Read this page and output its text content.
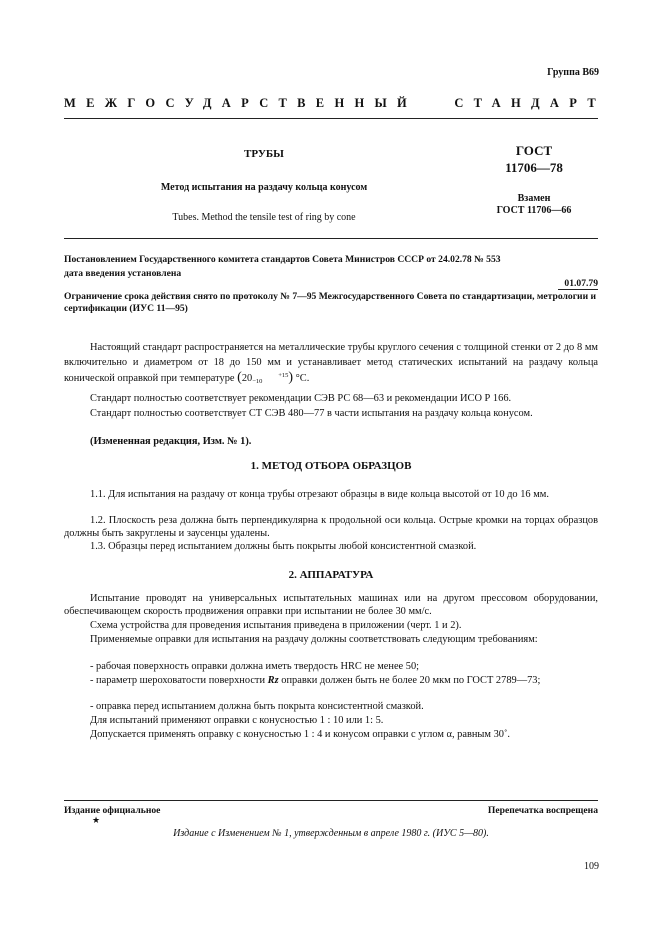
Группа В69
МЕЖГОСУДАРСТВЕННЫЙ	СТАНДАРТ
ТРУБЫ
Метод испытания на раздачу кольца конусом
Tubes. Method the tensile test of ring by cone
ГОСТ
11706—78
Взамен
ГОСТ 11706—66
Постановлением Государственного комитета стандартов Совета Министров СССР от 24.02.78 № 553
дата введения установлена
01.07.79
Ограничение срока действия снято по протоколу № 7—95 Межгосударственного Совета по стандартизации, метрологии и сертификации (ИУС 11—95)
Настоящий стандарт распространяется на металлические трубы круглого сечения с толщиной стенки от 2 до 8 мм включительно и диаметром от 18 до 150 мм и устанавливает метод статических испытаний на раздачу кольца конической оправкой при температуре (20	+15
−10 ) °С.
Стандарт полностью соответствует рекомендации СЭВ РС 68—63 и рекомендации ИСО Р 166.
Стандарт полностью соответствует СТ СЭВ 480—77 в части испытания на раздачу кольца конусом.
(Измененная редакция, Изм. № 1).
1. МЕТОД ОТБОРА ОБРАЗЦОВ
1.1. Для испытания на раздачу от конца трубы отрезают образцы в виде кольца высотой от 10 до 16 мм.
1.2. Плоскость реза должна быть перпендикулярна к продольной оси кольца. Острые кромки на торцах образцов должны быть закруглены и заусенцы удалены.
1.3. Образцы перед испытанием должны быть покрыты любой консистентной смазкой.
2. АППАРАТУРА
Испытание проводят на универсальных испытательных машинах или на другом прессовом оборудовании, обеспечивающем скорость продвижения оправки при испытании не более 30 мм/с.
Схема устройства для проведения испытания приведена в приложении (черт. 1 и 2).
Применяемые оправки для испытания на раздачу должны соответствовать следующим требованиям:
- рабочая поверхность оправки должна иметь твердость HRC не менее 50;
- параметр шероховатости поверхности Rz оправки должен быть не более 20 мкм по ГОСТ 2789—73;
- оправка перед испытанием должна быть покрыта консистентной смазкой.
Для испытаний применяют оправки с конусностью 1 : 10 или 1: 5.
Допускается применять оправку с конусностью 1 : 4 и конусом оправки с углом α, равным 30˚.
Издание официальное	Перепечатка воспрещена
★
Издание с Изменением № 1, утвержденным в апреле 1980 г. (ИУС 5—80).
109
